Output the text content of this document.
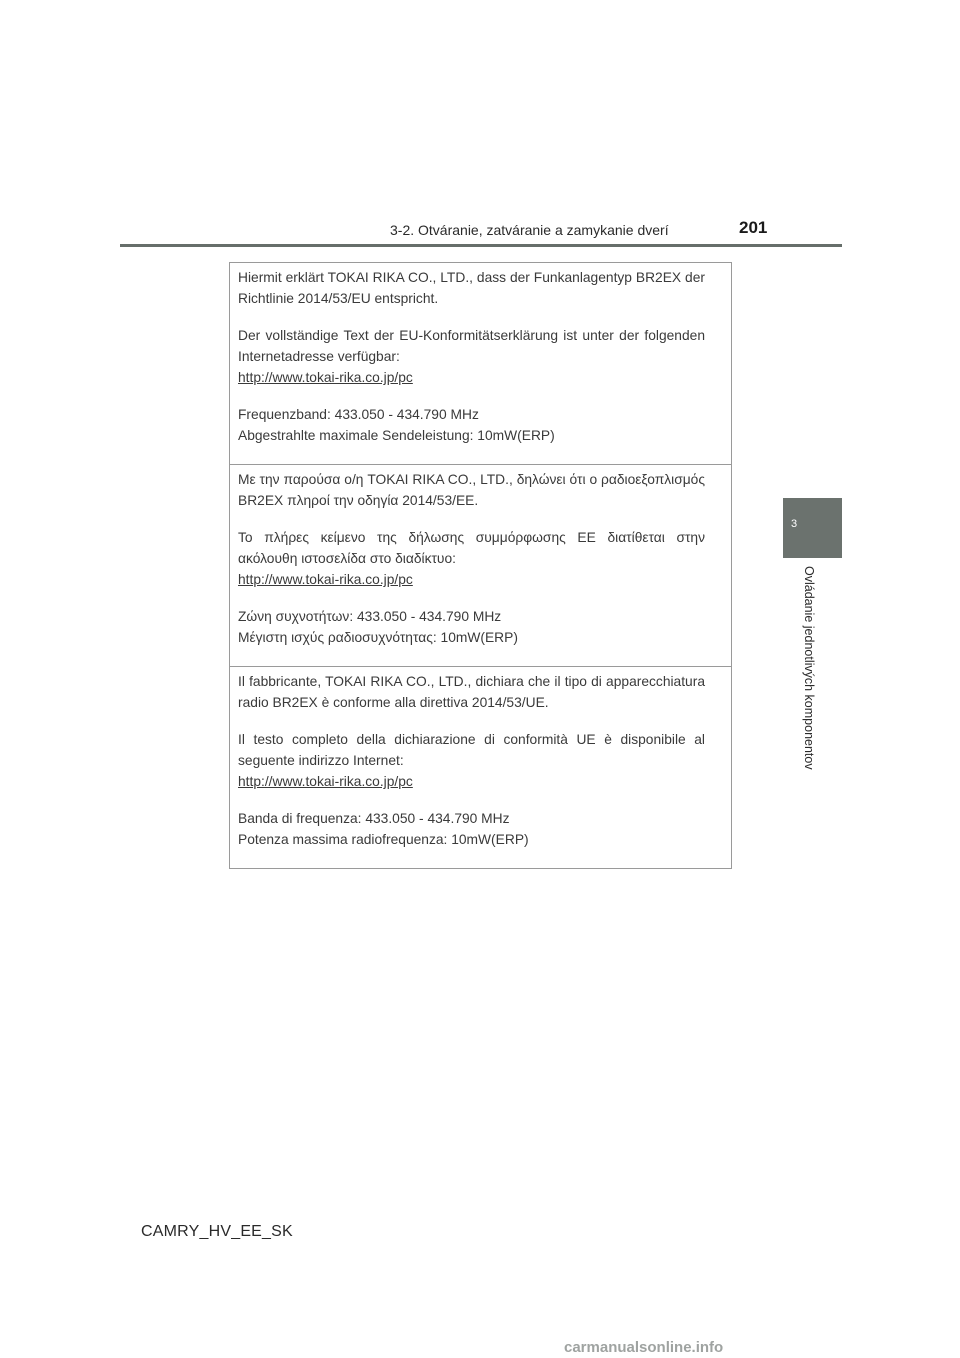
3-2. Otváranie, zatváranie a zamykanie dverí	201
3
Ovládanie jednotlivých komponentov

Hiermit erklärt TOKAI RIKA CO., LTD., dass der Funkanlagentyp BR2EX der Richtlinie 2014/53/EU entspricht.

Der vollständige Text der EU-Konformitätserklärung ist unter der folgenden Internetadresse verfügbar:

http://www.tokai-rika.co.jp/pc

Frequenzband: 433.050 - 434.790 MHz

Abgestrahlte maximale Sendeleistung: 10mW(ERP)

Με την παρούσα ο/η TOKAI RIKA CO., LTD., δηλώνει ότι ο ραδιοεξοπλισμός BR2EX πληροί την οδηγία 2014/53/ΕΕ.

Το πλήρες κείμενο της δήλωσης συμμόρφωσης ΕΕ διατίθεται στην ακόλουθη ιστοσελίδα στο διαδίκτυο:

http://www.tokai-rika.co.jp/pc

Ζώνη συχνοτήτων: 433.050 - 434.790 MHz

Μέγιστη ισχύς ραδιοσυχνότητας: 10mW(ERP)

Il fabbricante, TOKAI RIKA CO., LTD., dichiara che il tipo di apparecchiatura radio BR2EX è conforme alla direttiva 2014/53/UE.

Il testo completo della dichiarazione di conformità UE è disponibile al seguente indirizzo Internet:

http://www.tokai-rika.co.jp/pc

Banda di frequenza: 433.050 - 434.790 MHz

Potenza massima radiofrequenza: 10mW(ERP)

CAMRY_HV_EE_SK
carmanualsonline.info
